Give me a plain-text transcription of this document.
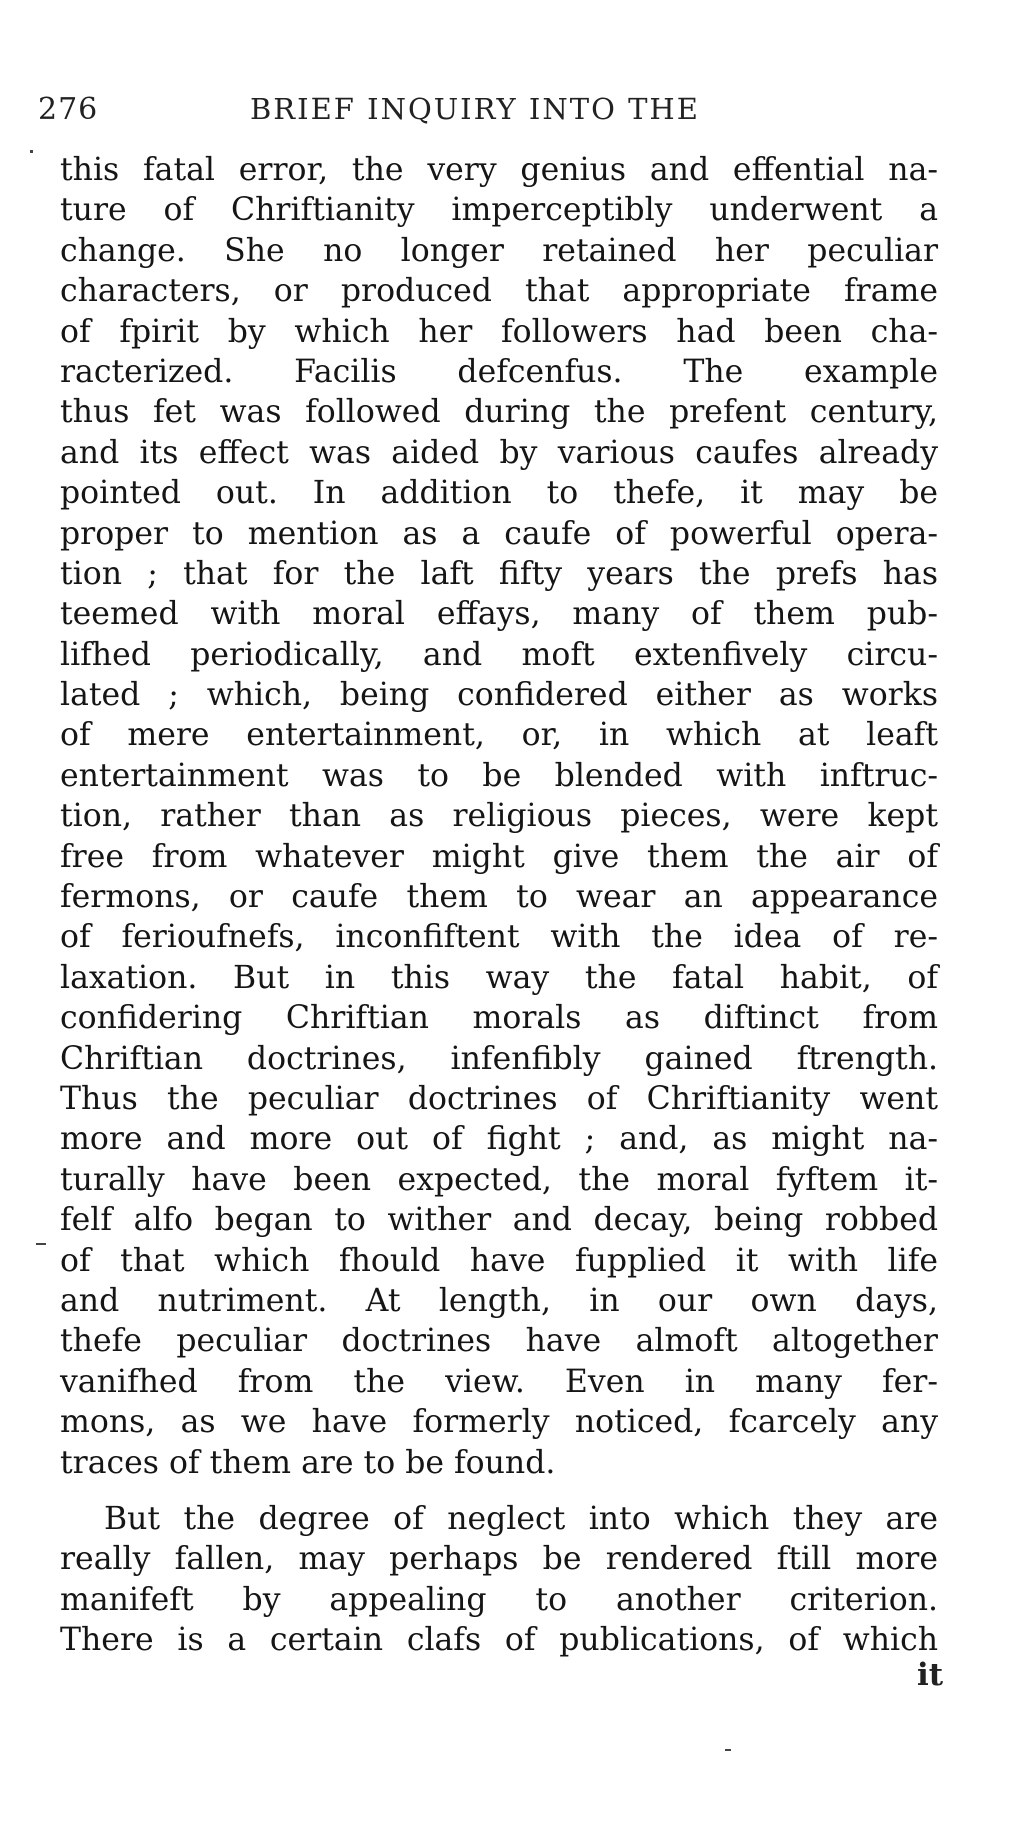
276	BRIEF INQUIRY INTO THE
this fatal error, the very genius and effential na-
ture of Chriftianity imperceptibly underwent a
change. She no longer retained her peculiar
characters, or produced that appropriate frame
of fpirit by which her followers had been cha-
racterized. Facilis defcenfus. The example
thus fet was followed during the prefent century,
and its effect was aided by various caufes already
pointed out. In addition to thefe, it may be
proper to mention as a caufe of powerful opera-
tion ; that for the laft fifty years the prefs has
teemed with moral effays, many of them pub-
lifhed periodically, and moft extenfively circu-
lated ; which, being confidered either as works
of mere entertainment, or, in which at leaft
entertainment was to be blended with inftruc-
tion, rather than as religious pieces, were kept
free from whatever might give them the air of
fermons, or caufe them to wear an appearance
of ferioufnefs, inconfiftent with the idea of re-
laxation. But in this way the fatal habit, of
confidering Chriftian morals as diftinct from
Chriftian doctrines, infenfibly gained ftrength.
Thus the peculiar doctrines of Chriftianity went
more and more out of fight ; and, as might na-
turally have been expected, the moral fyftem it-
felf alfo began to wither and decay, being robbed
of that which fhould have fupplied it with life
and nutriment. At length, in our own days,
thefe peculiar doctrines have almoft altogether
vanifhed from the view. Even in many fer-
mons, as we have formerly noticed, fcarcely any
traces of them are to be found.
But the degree of neglect into which they are
really fallen, may perhaps be rendered ftill more
manifeft by appealing to another criterion.
There is a certain clafs of publications, of which
it
